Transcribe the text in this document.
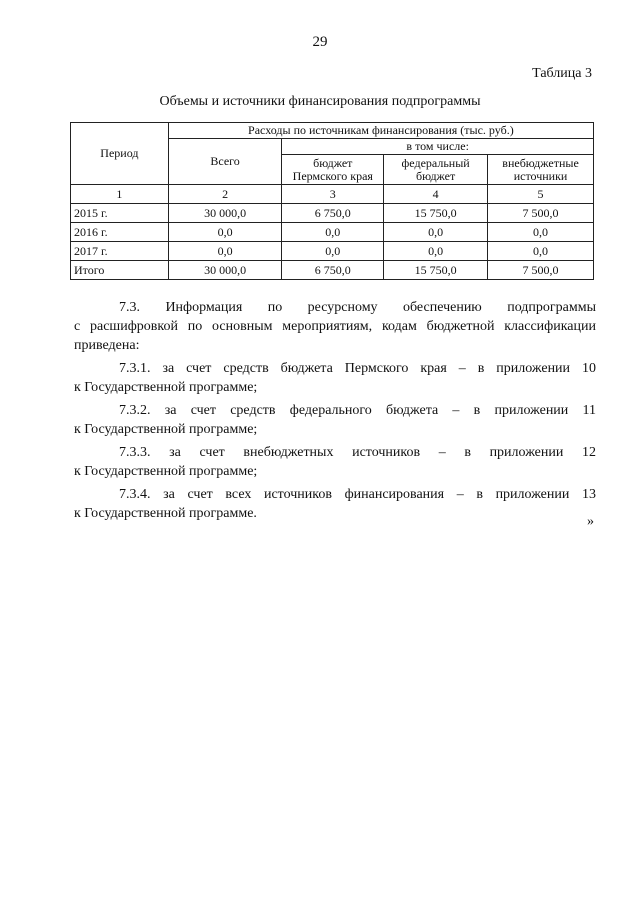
29
Таблица 3
Объемы и источники финансирования подпрограммы
Период	Расходы по источникам финансирования (тыс. руб.)			
	Всего	в том числе:		
		бюджет Пермского края	федеральный бюджет	внебюджетные источники
1	2	3	4	5
2015 г.	30 000,0	6 750,0	15 750,0	7 500,0
2016 г.	0,0	0,0	0,0	0,0
2017 г.	0,0	0,0	0,0	0,0
Итого	30 000,0	6 750,0	15 750,0	7 500,0

7.3. Информация по ресурсному обеспечению подпрограммы
с расшифровкой по основным мероприятиям, кодам бюджетной классификации приведена:

7.3.1. за счет средств бюджета Пермского края – в приложении 10
к Государственной программе;

7.3.2. за счет средств федерального бюджета – в приложении 11
к Государственной программе;

7.3.3. за счет внебюджетных источников – в приложении 12
к Государственной программе;

7.3.4. за счет всех источников финансирования – в приложении 13
к Государственной программе.

»
